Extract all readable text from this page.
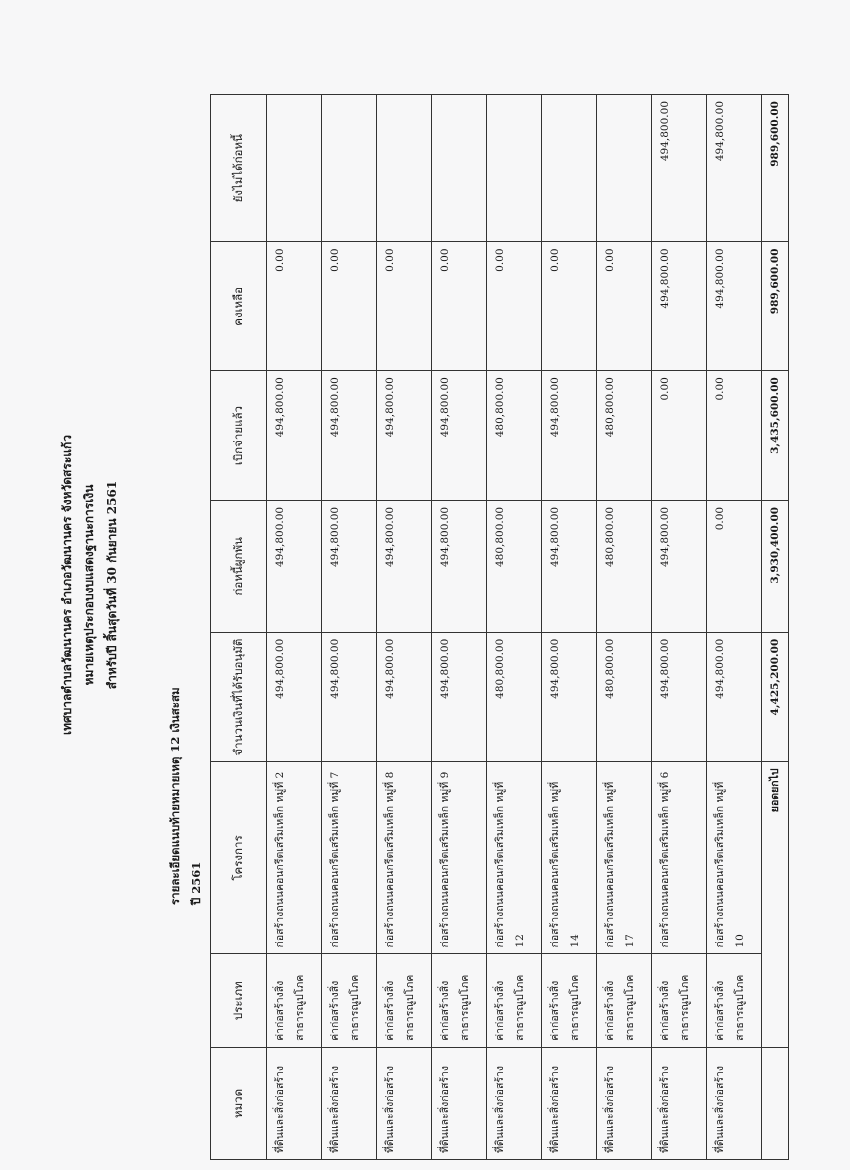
เทศบาลตำบลวัฒนานคร อำเภอวัฒนานคร จังหวัดสระแก้ว หมายเหตุประกอบงบแสดงฐานะการเงิน สำหรับปี สิ้นสุดวันที่ 30 กันยายน 2561
รายละเอียดแนบท้ายหมายเหตุ 12 เงินสะสม ปี 2561
หมวด	ประเภท	โครงการ	จำนวนเงินที่ได้รับอนุมัติ	ก่อหนี้ผูกพัน	เบิกจ่ายแล้ว	คงเหลือ	ยังไม่ได้ก่อหนี้
ที่ดินและสิ่งก่อสร้าง	ค่าก่อสร้างสิ่งสาธารณูปโภค	ก่อสร้างถนนคอนกรีตเสริมเหล็ก หมู่ที่ 2	494,800.00	494,800.00	494,800.00	0.00	
ที่ดินและสิ่งก่อสร้าง	ค่าก่อสร้างสิ่งสาธารณูปโภค	ก่อสร้างถนนคอนกรีตเสริมเหล็ก หมู่ที่ 7	494,800.00	494,800.00	494,800.00	0.00	
ที่ดินและสิ่งก่อสร้าง	ค่าก่อสร้างสิ่งสาธารณูปโภค	ก่อสร้างถนนคอนกรีตเสริมเหล็ก หมู่ที่ 8	494,800.00	494,800.00	494,800.00	0.00	
ที่ดินและสิ่งก่อสร้าง	ค่าก่อสร้างสิ่งสาธารณูปโภค	ก่อสร้างถนนคอนกรีตเสริมเหล็ก หมู่ที่ 9	494,800.00	494,800.00	494,800.00	0.00	
ที่ดินและสิ่งก่อสร้าง	ค่าก่อสร้างสิ่งสาธารณูปโภค	ก่อสร้างถนนคอนกรีตเสริมเหล็ก หมู่ที่ 12	480,800.00	480,800.00	480,800.00	0.00	
ที่ดินและสิ่งก่อสร้าง	ค่าก่อสร้างสิ่งสาธารณูปโภค	ก่อสร้างถนนคอนกรีตเสริมเหล็ก หมู่ที่ 14	494,800.00	494,800.00	494,800.00	0.00	
ที่ดินและสิ่งก่อสร้าง	ค่าก่อสร้างสิ่งสาธารณูปโภค	ก่อสร้างถนนคอนกรีตเสริมเหล็ก หมู่ที่ 17	480,800.00	480,800.00	480,800.00	0.00	
ที่ดินและสิ่งก่อสร้าง	ค่าก่อสร้างสิ่งสาธารณูปโภค	ก่อสร้างถนนคอนกรีตเสริมเหล็ก หมู่ที่ 6	494,800.00	494,800.00	0.00	494,800.00	494,800.00
ที่ดินและสิ่งก่อสร้าง	ค่าก่อสร้างสิ่งสาธารณูปโภค	ก่อสร้างถนนคอนกรีตเสริมเหล็ก หมู่ที่ 10	494,800.00	0.00	0.00	494,800.00	494,800.00
	ยอดยกไป		4,425,200.00	3,930,400.00	3,435,600.00	989,600.00	989,600.00
